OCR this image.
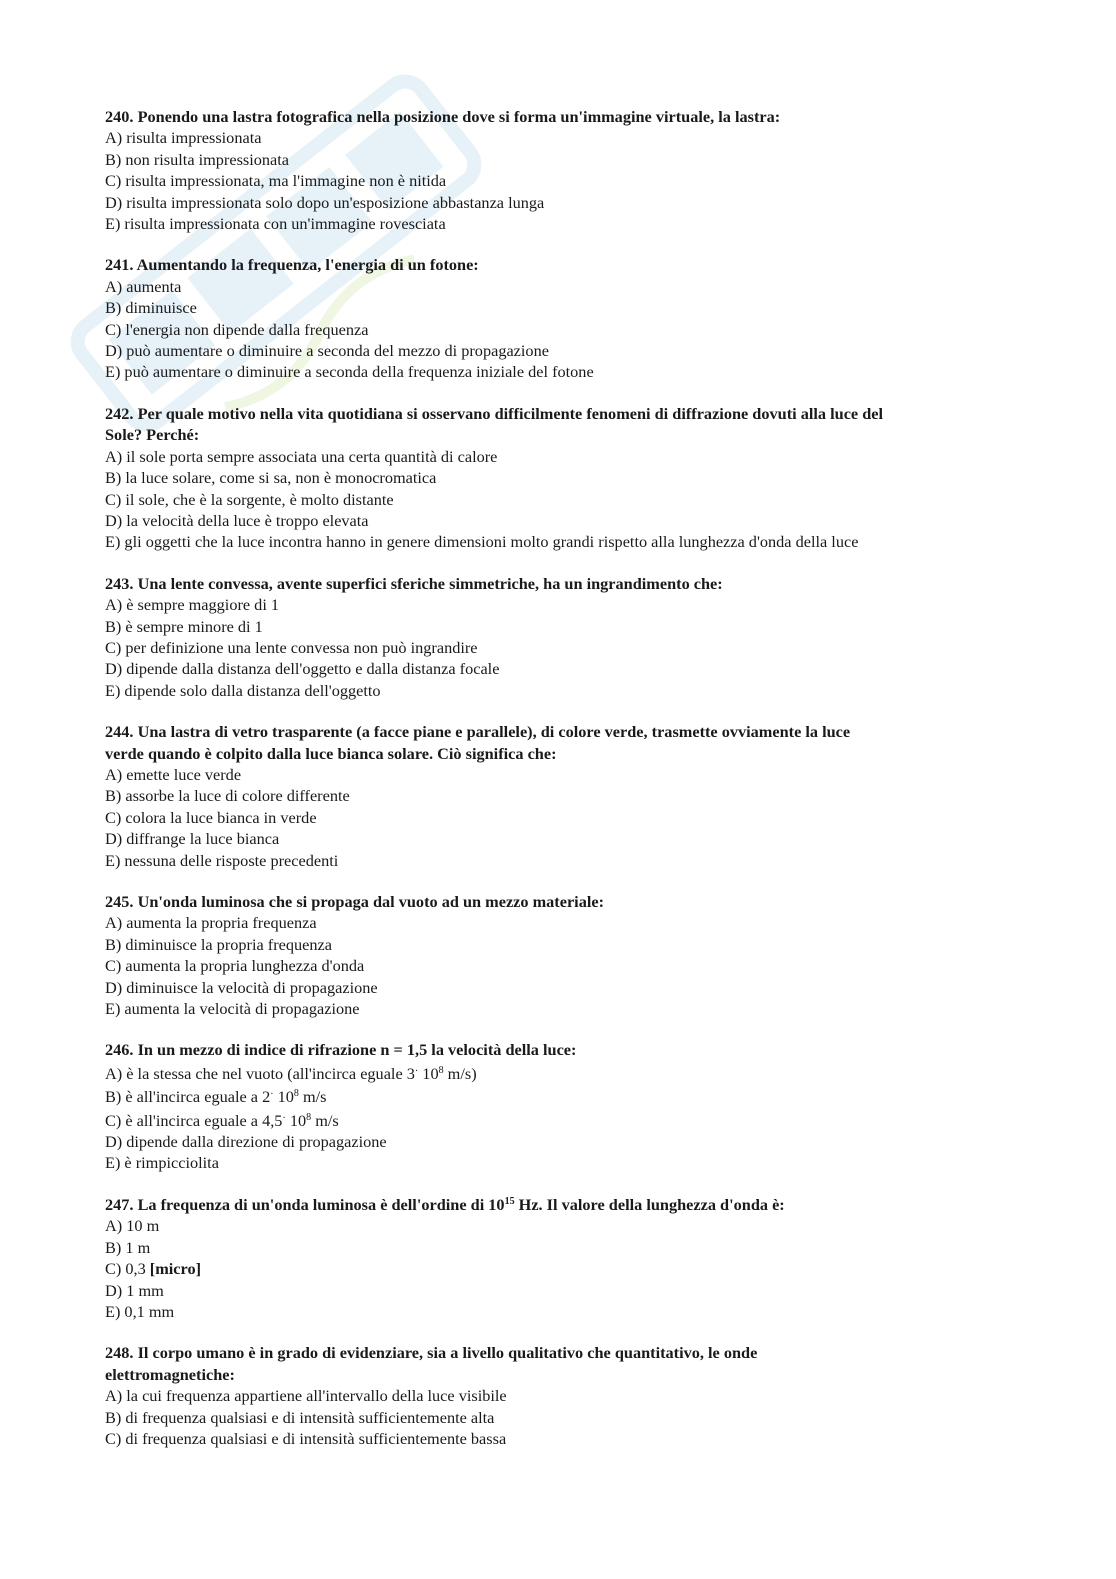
240. Ponendo una lastra fotografica nella posizione dove si forma un'immagine virtuale, la lastra:
A) risulta impressionata
B) non risulta impressionata
C) risulta impressionata, ma l'immagine non è nitida
D) risulta impressionata solo dopo un'esposizione abbastanza lunga
E) risulta impressionata con un'immagine rovesciata
241. Aumentando la frequenza, l'energia di un fotone:
A) aumenta
B) diminuisce
C) l'energia non dipende dalla frequenza
D) può aumentare o diminuire a seconda del mezzo di propagazione
E) può aumentare o diminuire a seconda della frequenza iniziale del fotone
242. Per quale motivo nella vita quotidiana si osservano difficilmente fenomeni di diffrazione dovuti alla luce del
Sole? Perché:
A) il sole porta sempre associata una certa quantità di calore
B) la luce solare, come si sa, non è monocromatica
C) il sole, che è la sorgente, è molto distante
D) la velocità della luce è troppo elevata
E) gli oggetti che la luce incontra hanno in genere dimensioni molto grandi rispetto alla lunghezza d'onda della luce
243. Una lente convessa, avente superfici sferiche simmetriche, ha un ingrandimento che:
A) è sempre maggiore di 1
B) è sempre minore di 1
C) per definizione una lente convessa non può ingrandire
D) dipende dalla distanza dell'oggetto e dalla distanza focale
E) dipende solo dalla distanza dell'oggetto
244. Una lastra di vetro trasparente (a facce piane e parallele), di colore verde, trasmette ovviamente la luce
verde quando è colpito dalla luce bianca solare. Ciò significa che:
A) emette luce verde
B) assorbe la luce di colore differente
C) colora la luce bianca in verde
D) diffrange la luce bianca
E) nessuna delle risposte precedenti
245. Un'onda luminosa che si propaga dal vuoto ad un mezzo materiale:
A) aumenta la propria frequenza
B) diminuisce la propria frequenza
C) aumenta la propria lunghezza d'onda
D) diminuisce la velocità di propagazione
E) aumenta la velocità di propagazione
246. In un mezzo di indice di rifrazione n = 1,5 la velocità della luce:
A) è la stessa che nel vuoto (all'incirca eguale 3· $10^8$ m/s)
B) è all'incirca eguale a 2· $10^8$ m/s
C) è all'incirca eguale a 4,5· $10^8$ m/s
D) dipende dalla direzione di propagazione
E) è rimpicciolita
247. La frequenza di un'onda luminosa è dell'ordine di $10^{15}$ Hz. Il valore della lunghezza d'onda è:
A) 10 m
B) 1 m
C) 0,3 [micro]
D) 1 mm
E) 0,1 mm
248. Il corpo umano è in grado di evidenziare, sia a livello qualitativo che quantitativo, le onde
elettromagnetiche:
A) la cui frequenza appartiene all'intervallo della luce visibile
B) di frequenza qualsiasi e di intensità sufficientemente alta
C) di frequenza qualsiasi e di intensità sufficientemente bassa
